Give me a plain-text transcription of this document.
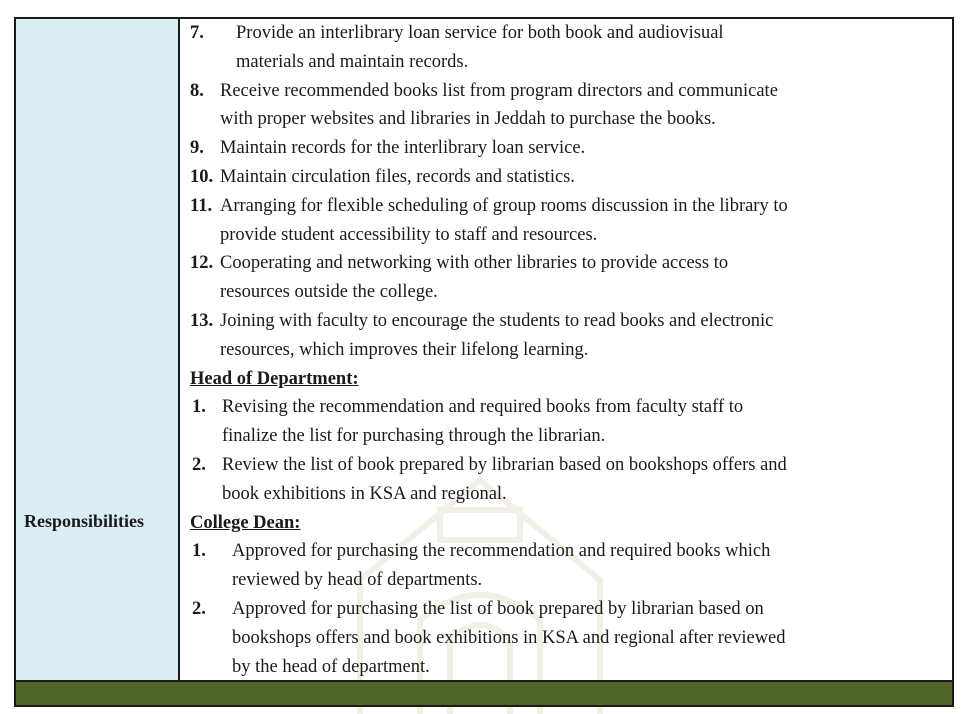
Responsibilities
7. Provide an interlibrary loan service for both book and audiovisual
materials and maintain records.
8. Receive recommended books list from program directors and communicate
with proper websites and libraries in Jeddah to purchase the books.
9. Maintain records for the interlibrary loan service.
10. Maintain circulation files, records and statistics.
11. Arranging for flexible scheduling of group rooms discussion in the library to
provide student accessibility to staff and resources.
12. Cooperating and networking with other libraries to provide access to
resources outside the college.
13. Joining with faculty to encourage the students to read books and electronic
resources, which improves their lifelong learning.
Head of Department:
1. Revising the recommendation and required books from faculty staff to
finalize the list for purchasing through the librarian.
2. Review the list of book prepared by librarian based on bookshops offers and
book exhibitions in KSA and regional.
College Dean:
1. Approved for purchasing the recommendation and required books which
reviewed by head of departments.
2. Approved for purchasing the list of book prepared by librarian based on
bookshops offers and book exhibitions in KSA and regional after reviewed
by the head of department.
